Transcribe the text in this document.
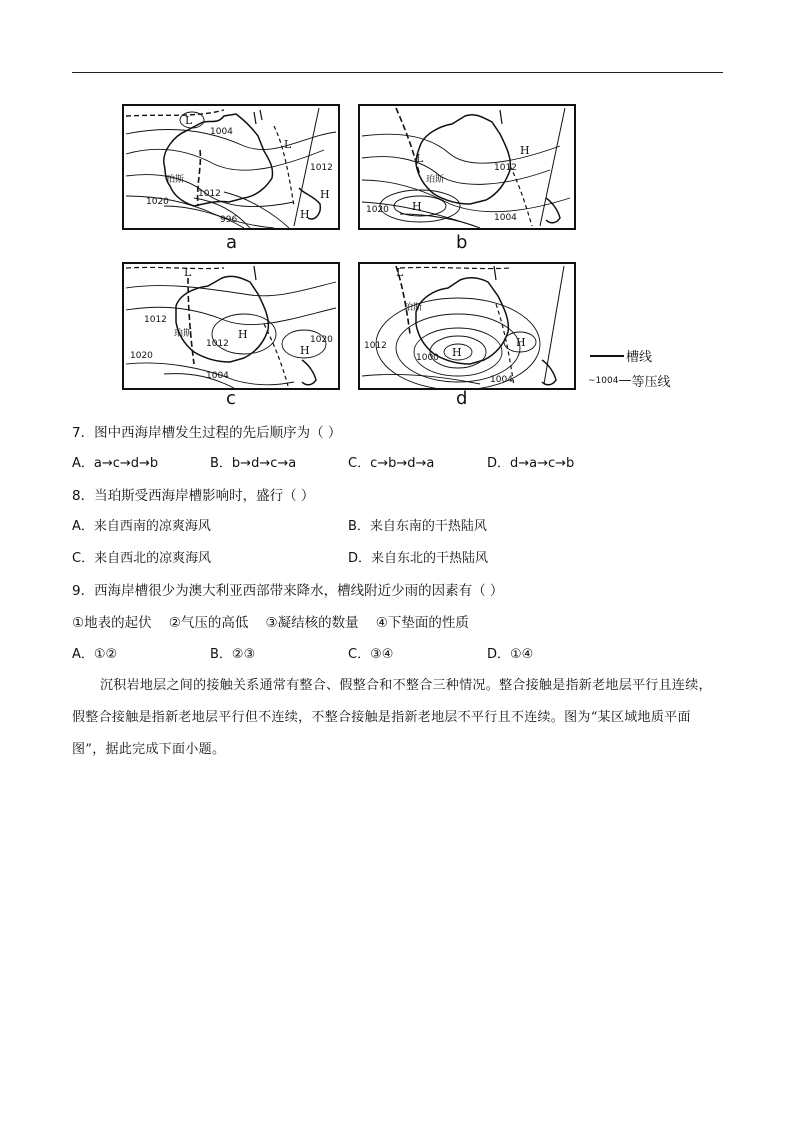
L
1004
L
1012
珀斯
1020
1012
996
H
H
a
L
珀斯
1012
H
1020 H
1004
b
L
1012
珀斯
1012
H
1020
1020
H
1004
c
L
1012
珀斯
1000 H
H
1004
d
槽线
~ 1004 — 等压线
7．图中西海岸槽发生过程的先后顺序为（ ）
A．a→c→d→b	B．b→d→c→a	C．c→b→d→a	D．d→a→c→b
8．当珀斯受西海岸槽影响时，盛行（ ）
A．来自西南的凉爽海风	B．来自东南的干热陆风
C．来自西北的凉爽海风	D．来自东北的干热陆风
9．西海岸槽很少为澳大利亚西部带来降水，槽线附近少雨的因素有（ ）
①地表的起伏    ②气压的高低    ③凝结核的数量    ④下垫面的性质
A．①②	B．②③	C．③④	D．①④
沉积岩地层之间的接触关系通常有整合、假整合和不整合三种情况。整合接触是指新老地层平行且连续，假整合接触是指新老地层平行但不连续，不整合接触是指新老地层不平行且不连续。图为“某区域地质平面图”，据此完成下面小题。
